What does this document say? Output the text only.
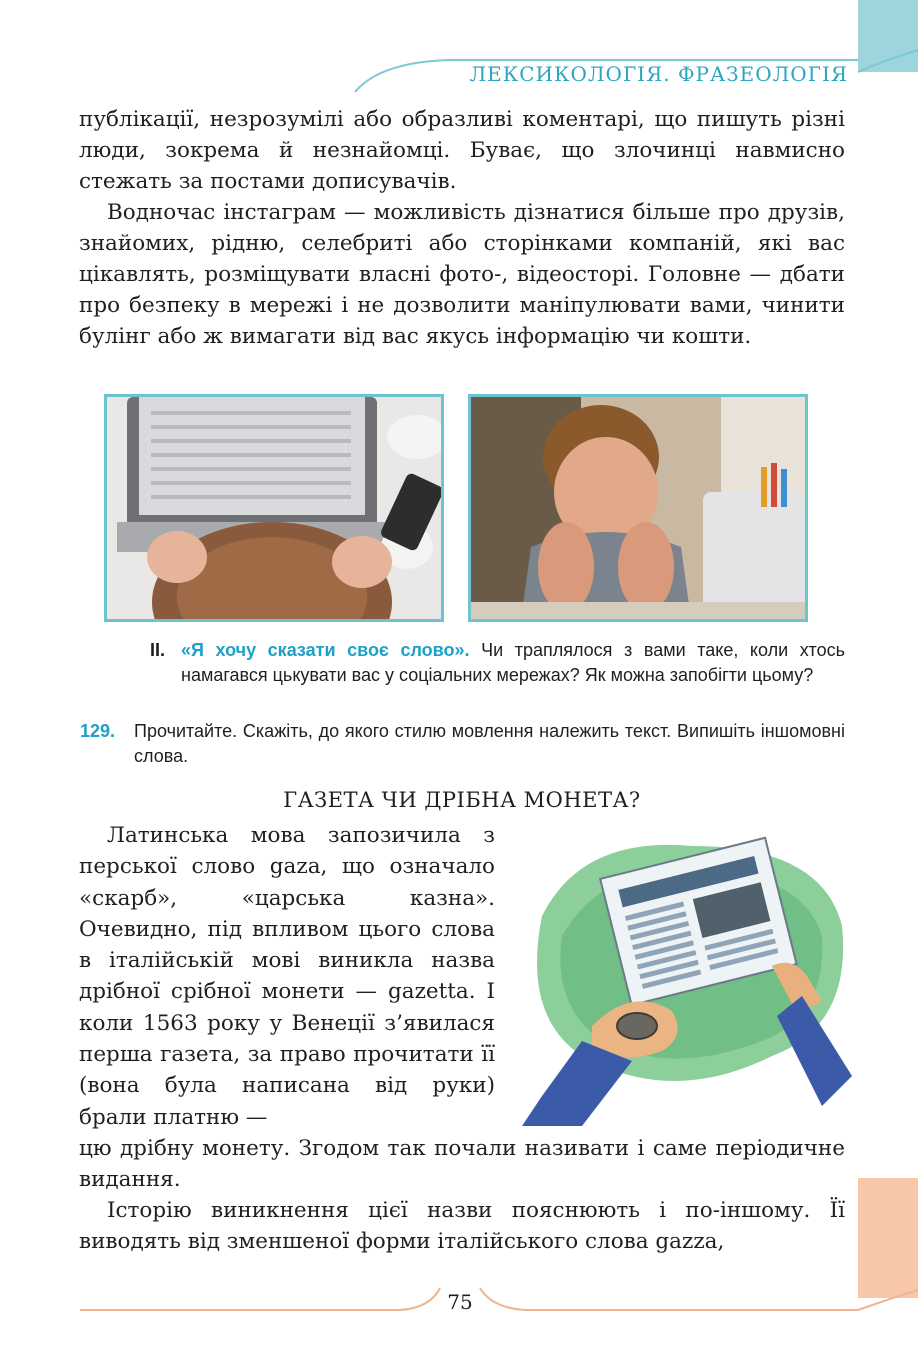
ЛЕКСИКОЛОГІЯ. ФРАЗЕОЛОГІЯ

публікації, незрозумілі або образливі коментарі, що пишуть різні люди, зокрема й незнайомці. Буває, що злочинці навмисно стежать за постами дописувачів.

Водночас інстаграм — можливість дізнатися більше про друзів, знайомих, рідню, селебриті або сторінками компаній, які вас цікавлять, розміщувати власні фото-, відеосторі. Головне — дбати про безпеку в мережі і не дозволити маніпулювати вами, чинити булінг або ж вимагати від вас якусь інформацію чи кошти.

II. «Я хочу сказати своє слово». Чи траплялося з вами таке, коли хтось намагався цькувати вас у соціальних мережах? Як можна запобігти цьому?
129.	Прочитайте. Скажіть, до якого стилю мовлення належить текст. Випишіть іншомовні слова.
ГАЗЕТА ЧИ ДРІБНА МОНЕТА?

Латинська мова запозичила з перської слово gaza, що означало «скарб», «царська казна». Очевидно, під впливом цього слова в італійській мові виникла назва дрібної срібної монети — gazetta. І коли 1563 року у Венеції з’явилася перша газета, за право прочитати її (вона була написана від руки) брали платню —

цю дрібну монету. Згодом так почали називати і саме періодичне видання.

Історію виникнення цієї назви пояснюють і по-іншому. Її виводять від зменшеної форми італійського слова gazza,

75
